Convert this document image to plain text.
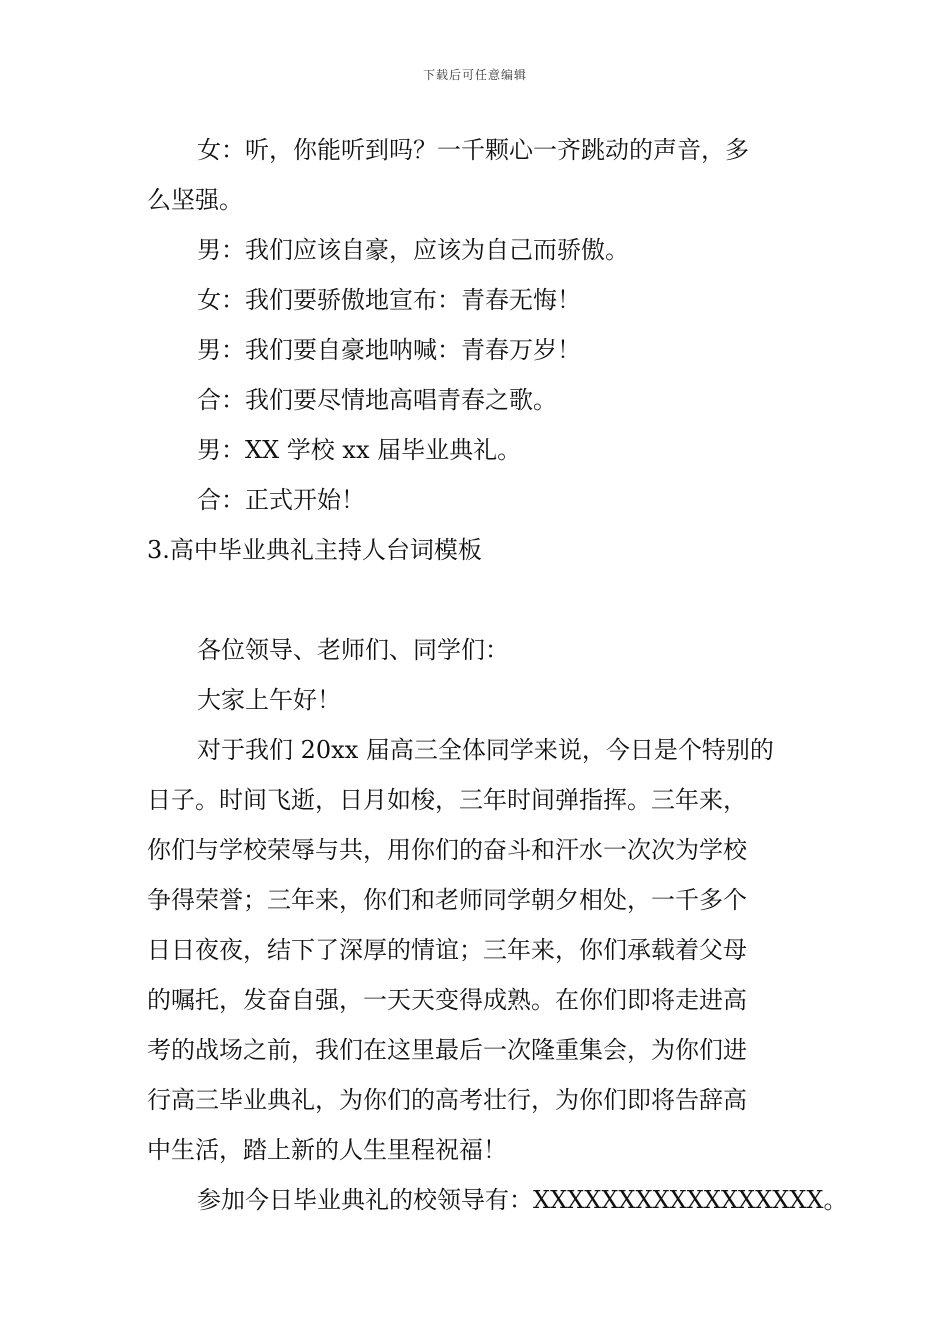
下载后可任意编辑

女：听，你能听到吗？一千颗心一齐跳动的声音，多

么坚强。

男：我们应该自豪，应该为自己而骄傲。

女：我们要骄傲地宣布：青春无悔！

男：我们要自豪地呐喊：青春万岁！

合：我们要尽情地高唱青春之歌。

男：XX 学校 xx 届毕业典礼。

合：正式开始！

3.高中毕业典礼主持人台词模板

各位领导、老师们、同学们：

大家上午好！

对于我们 20xx 届高三全体同学来说，今日是个特别的

日子。时间飞逝，日月如梭，三年时间弹指挥。三年来，

你们与学校荣辱与共，用你们的奋斗和汗水一次次为学校

争得荣誉；三年来，你们和老师同学朝夕相处，一千多个

日日夜夜，结下了深厚的情谊；三年来，你们承载着父母

的嘱托，发奋自强，一天天变得成熟。在你们即将走进高

考的战场之前，我们在这里最后一次隆重集会，为你们进

行高三毕业典礼，为你们的高考壮行，为你们即将告辞高

中生活，踏上新的人生里程祝福！

参加今日毕业典礼的校领导有：XXXXXXXXXXXXXXXXX。
